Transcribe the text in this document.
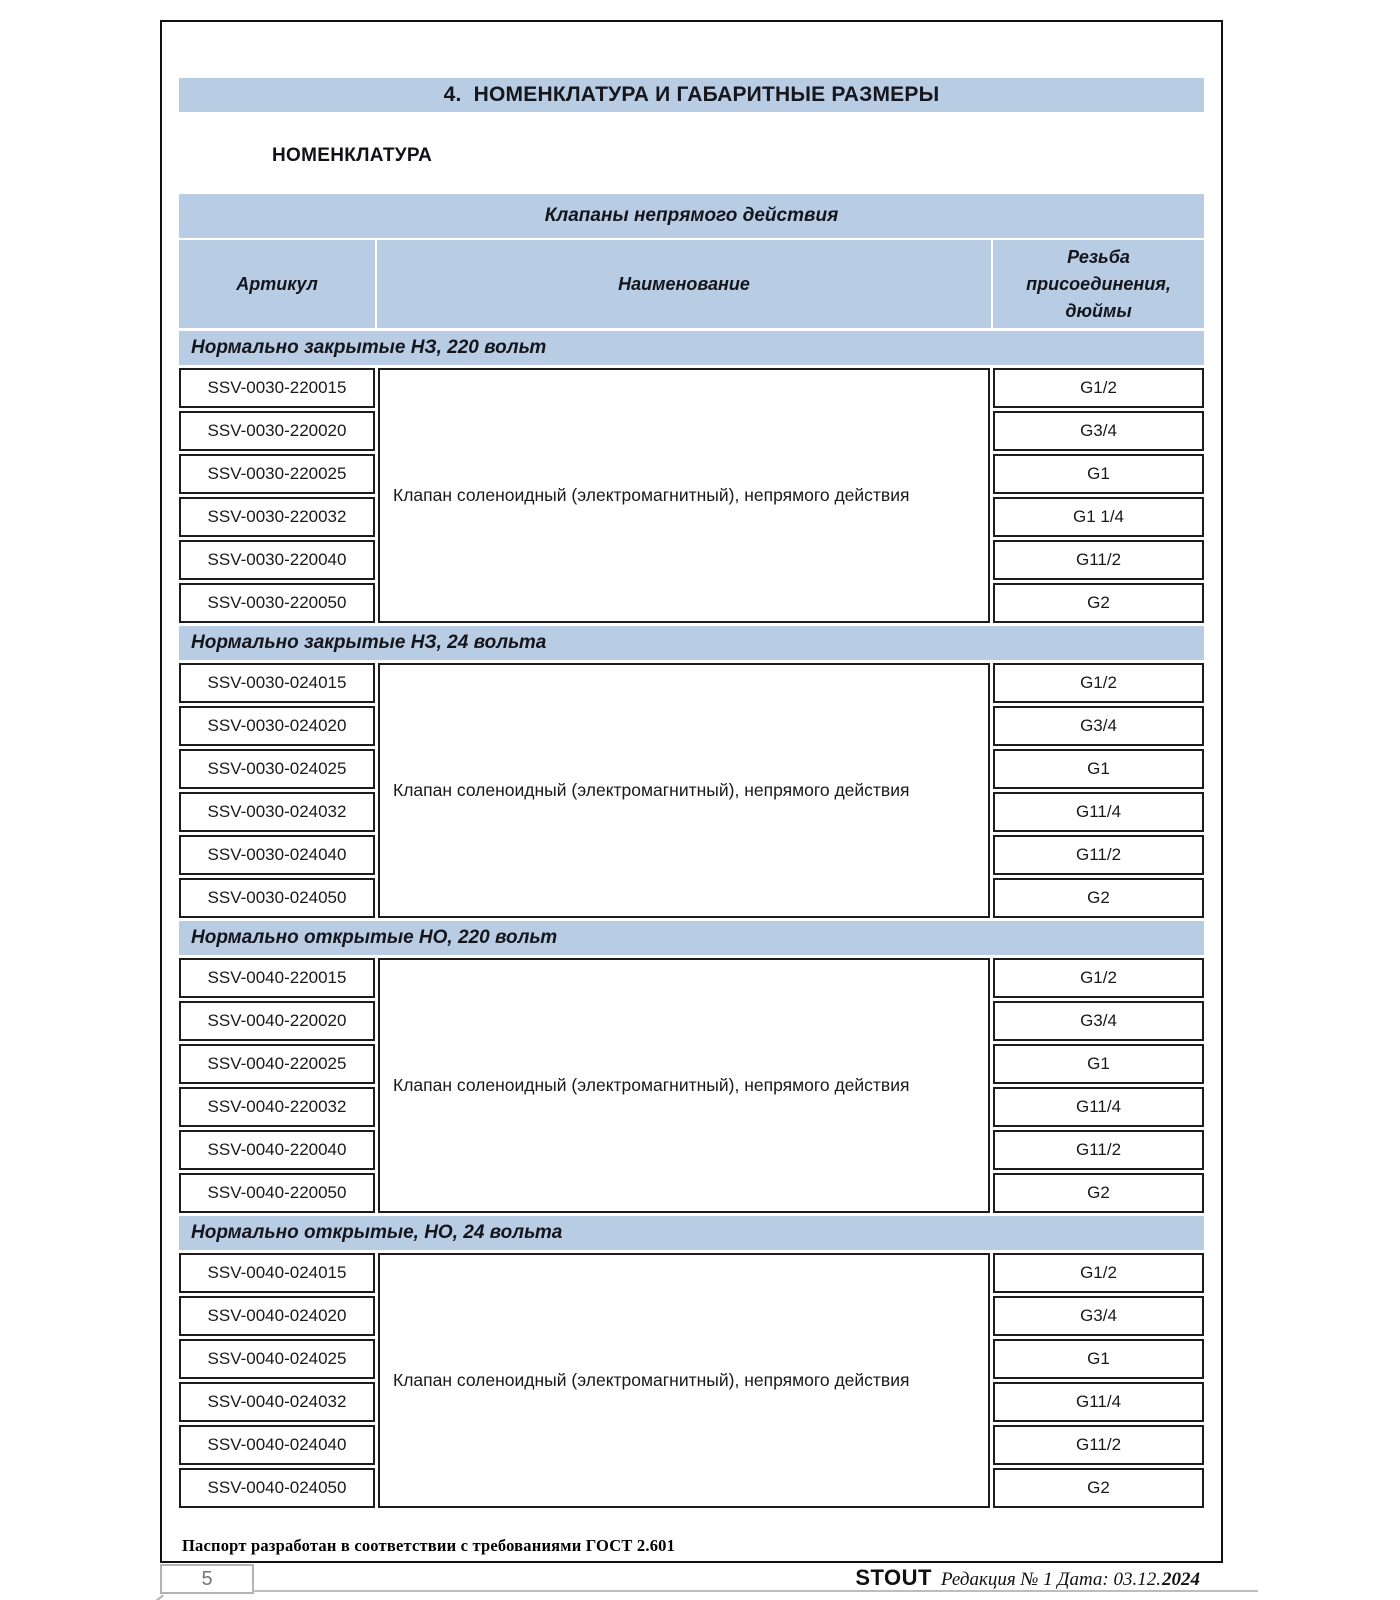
4.  НОМЕНКЛАТУРА И ГАБАРИТНЫЕ РАЗМЕРЫ
НОМЕНКЛАТУРА
Клапаны непрямого действия
Артикул	Наименование
Резьба присоединения, дюймы
Нормально закрытые НЗ, 220 вольт
SSV-0030-220015
SSV-0030-220020
SSV-0030-220025
SSV-0030-220032
SSV-0030-220040
SSV-0030-220050
Клапан соленоидный (электромагнитный), непрямого действия
G1/2
G3/4
G1
G1 1/4
G11/2
G2
Нормально закрытые НЗ, 24 вольта
SSV-0030-024015
SSV-0030-024020
SSV-0030-024025
SSV-0030-024032
SSV-0030-024040
SSV-0030-024050
Клапан соленоидный (электромагнитный), непрямого действия
G1/2
G3/4
G1
G11/4
G11/2
G2
Нормально открытые НО, 220 вольт
SSV-0040-220015
SSV-0040-220020
SSV-0040-220025
SSV-0040-220032
SSV-0040-220040
SSV-0040-220050
Клапан соленоидный (электромагнитный), непрямого действия
G1/2
G3/4
G1
G11/4
G11/2
G2
Нормально открытые, НО, 24 вольта
SSV-0040-024015
SSV-0040-024020
SSV-0040-024025
SSV-0040-024032
SSV-0040-024040
SSV-0040-024050
Клапан соленоидный (электромагнитный), непрямого действия
G1/2
G3/4
G1
G11/4
G11/2
G2
Паспорт разработан в соответствии с требованиями ГОСТ 2.601
5	STOUT Редакция № 1 Дата: 03.12. 2024
